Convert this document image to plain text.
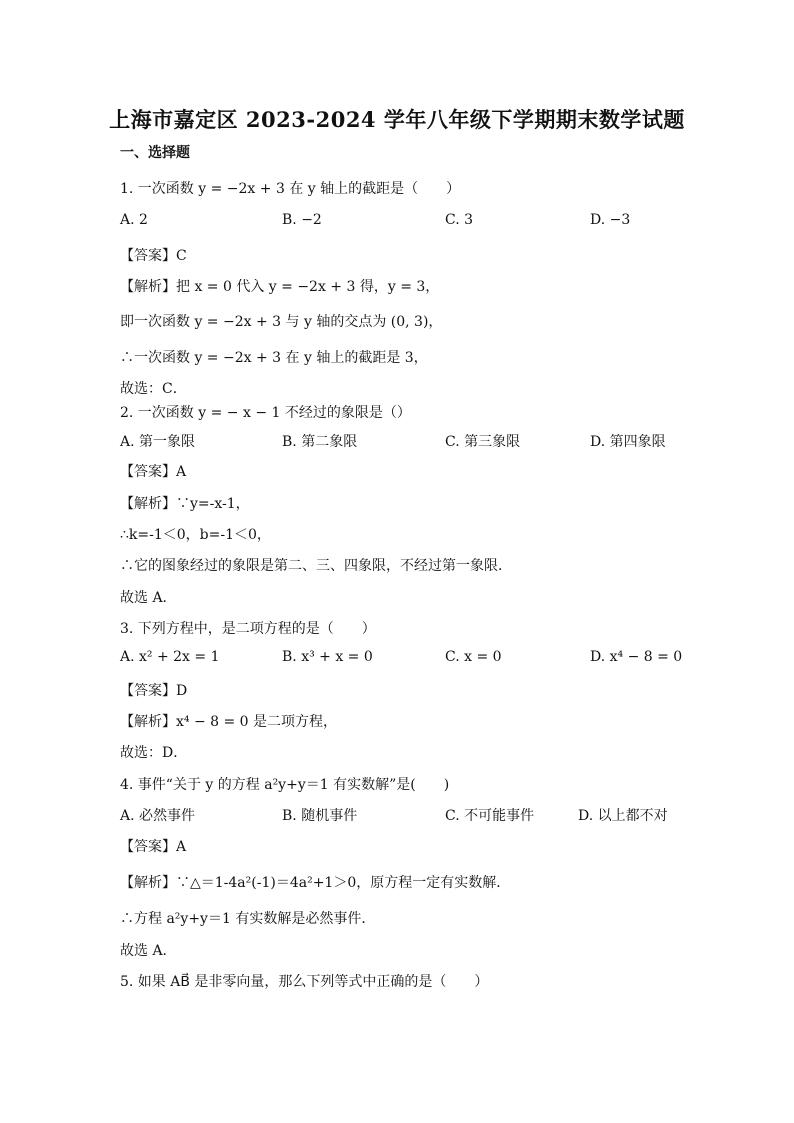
上海市嘉定区 2023-2024 学年八年级下学期期末数学试题
一、选择题
1. 一次函数 y = −2x + 3 在 y 轴上的截距是（　　）
A. 2	B. −2	C. 3	D. −3
【答案】C
【解析】把 x = 0 代入 y = −2x + 3 得，y = 3，
即一次函数 y = −2x + 3 与 y 轴的交点为 (0, 3)，
∴一次函数 y = −2x + 3 在 y 轴上的截距是 3，
故选：C．
2. 一次函数 y = − x − 1 不经过的象限是（）
A. 第一象限	B. 第二象限	C. 第三象限	D. 第四象限
【答案】A
【解析】∵y=-x-1，
∴k=-1＜0，b=-1＜0，
∴它的图象经过的象限是第二、三、四象限，不经过第一象限．
故选 A．
3. 下列方程中，是二项方程的是（　　）
A. x² + 2x = 1	B. x³ + x = 0	C. x = 0	D. x⁴ − 8 = 0
【答案】D
【解析】x⁴ − 8 = 0 是二项方程，
故选：D．
4. 事件“关于 y 的方程 a²y+y＝1 有实数解”是(　　)
A. 必然事件	B. 随机事件	C. 不可能事件	D. 以上都不对
【答案】A
【解析】∵△＝1-4a²(-1)＝4a²+1＞0，原方程一定有实数解．
∴方程 a²y+y＝1 有实数解是必然事件．
故选 A．
5. 如果 AB⃗ 是非零向量，那么下列等式中正确的是（　　）
